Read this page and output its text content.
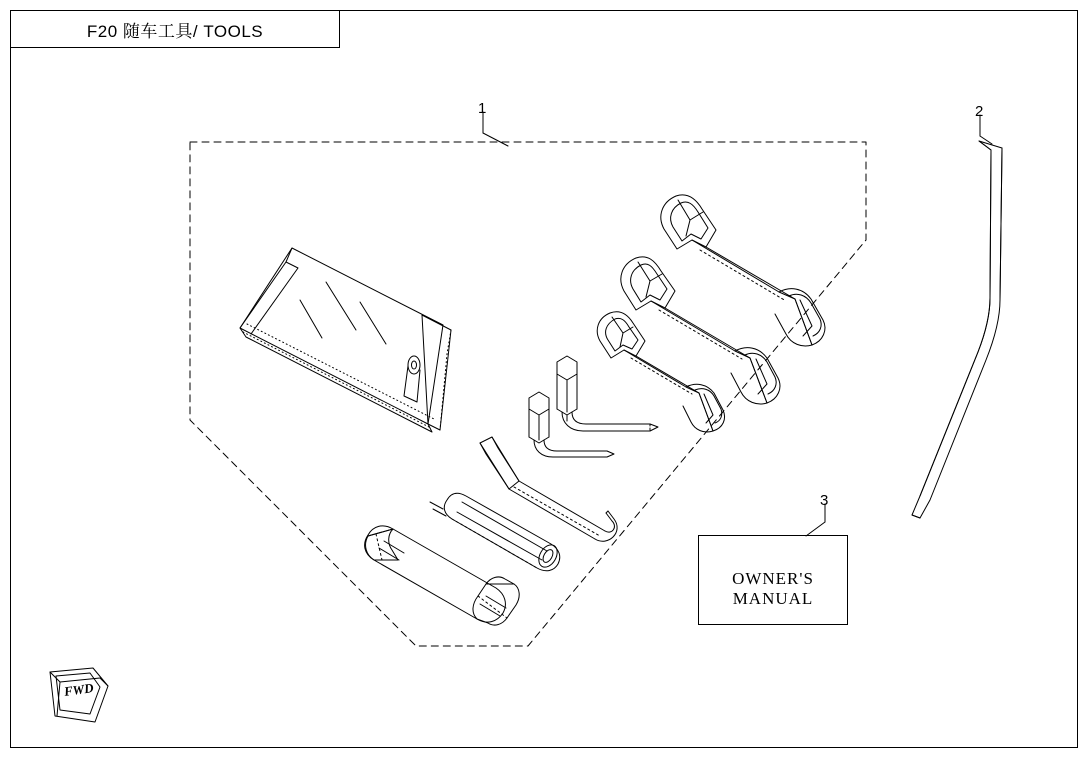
F20 随车工具/ TOOLS
1	2
3
OWNER'S MANUAL
FWD
